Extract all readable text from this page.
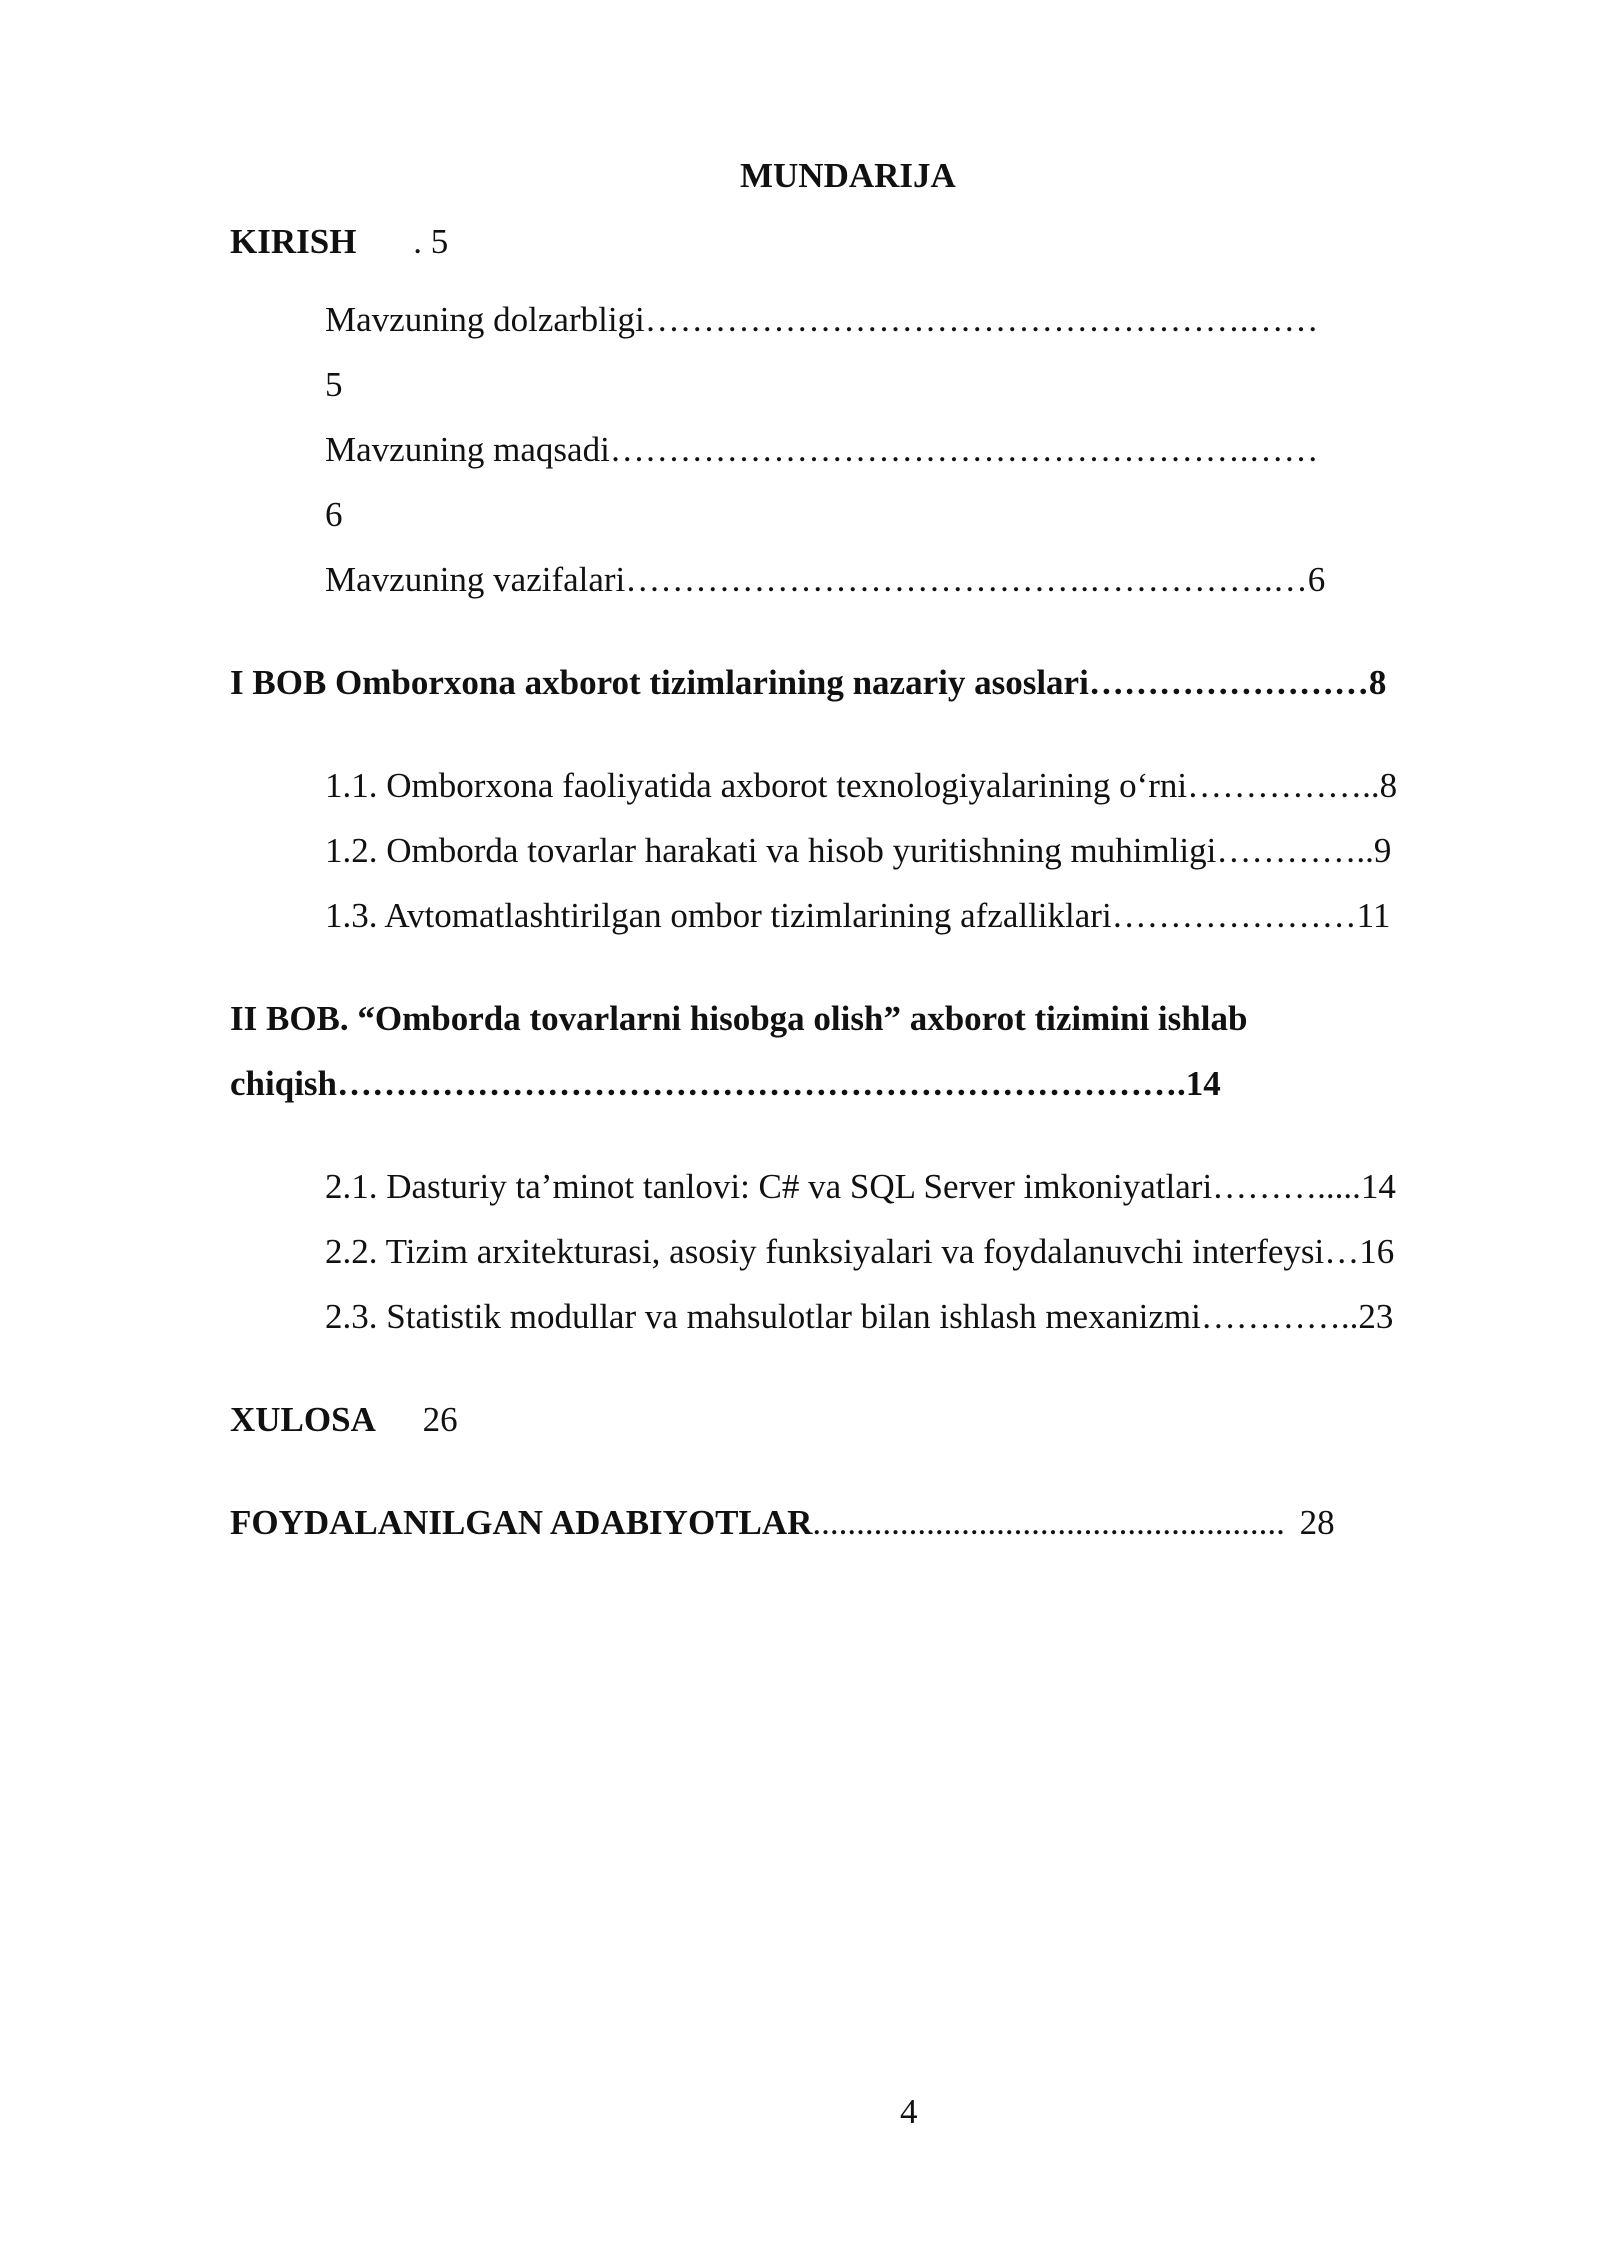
MUNDARIJA
KIRISH . 5
Mavzuning dolzarbligi…………………………………………….……
5
Mavzuning maqsadi……………………………………………….……
6
Mavzuning vazifalari………………………………….…………….…6
I BOB Omborxona axborot tizimlarining nazariy asoslari……………………8
1.1. Omborxona faoliyatida axborot texnologiyalarining o‘rni……………..8
1.2. Omborda tovarlar harakati va hisob yuritishning muhimligi…………..9
1.3. Avtomatlashtirilgan ombor tizimlarining afzalliklari…………………11
II BOB. “Omborda tovarlarni hisobga olish” axborot tizimini ishlab
chiqish……………………………………………………………….14
2.1. Dasturiy ta’minot tanlovi: C# va SQL Server imkoniyatlari……….....14
2.2. Tizim arxitekturasi, asosiy funksiyalari va foydalanuvchi interfeysi…16
2.3. Statistik modullar va mahsulotlar bilan ishlash mexanizmi…………..23
XULOSA 26
FOYDALANILGAN ADABIYOTLAR...................................................... 28
4
